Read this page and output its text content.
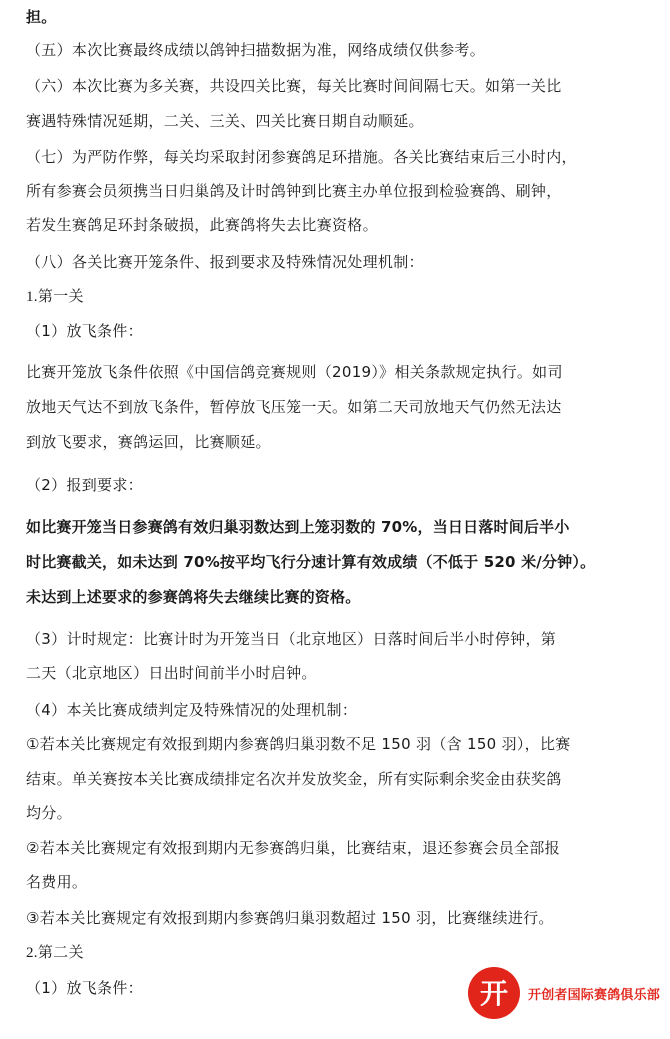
担。

（五）本次比赛最终成绩以鸽钟扫描数据为准，网络成绩仅供参考。

（六）本次比赛为多关赛，共设四关比赛，每关比赛时间间隔七天。如第一关比

赛遇特殊情况延期，二关、三关、四关比赛日期自动顺延。

（七）为严防作弊，每关均采取封闭参赛鸽足环措施。各关比赛结束后三小时内，

所有参赛会员须携当日归巢鸽及计时鸽钟到比赛主办单位报到检验赛鸽、刷钟，

若发生赛鸽足环封条破损，此赛鸽将失去比赛资格。

（八）各关比赛开笼条件、报到要求及特殊情况处理机制：

1.第一关

（1）放飞条件：

比赛开笼放飞条件依照《中国信鸽竞赛规则（2019）》相关条款规定执行。如司

放地天气达不到放飞条件，暂停放飞压笼一天。如第二天司放地天气仍然无法达

到放飞要求，赛鸽运回，比赛顺延。

（2）报到要求：

如比赛开笼当日参赛鸽有效归巢羽数达到上笼羽数的 70%，当日日落时间后半小

时比赛截关，如未达到 70%按平均飞行分速计算有效成绩（不低于 520 米/分钟）。

未达到上述要求的参赛鸽将失去继续比赛的资格。

（3）计时规定：比赛计时为开笼当日（北京地区）日落时间后半小时停钟，第

二天（北京地区）日出时间前半小时启钟。

（4）本关比赛成绩判定及特殊情况的处理机制：

①若本关比赛规定有效报到期内参赛鸽归巢羽数不足 150 羽（含 150 羽），比赛

结束。单关赛按本关比赛成绩排定名次并发放奖金，所有实际剩余奖金由获奖鸽

均分。

②若本关比赛规定有效报到期内无参赛鸽归巢，比赛结束，退还参赛会员全部报

名费用。

③若本关比赛规定有效报到期内参赛鸽归巢羽数超过 150 羽，比赛继续进行。

2.第二关

（1）放飞条件：	开 开创者国际赛鸽俱乐部
